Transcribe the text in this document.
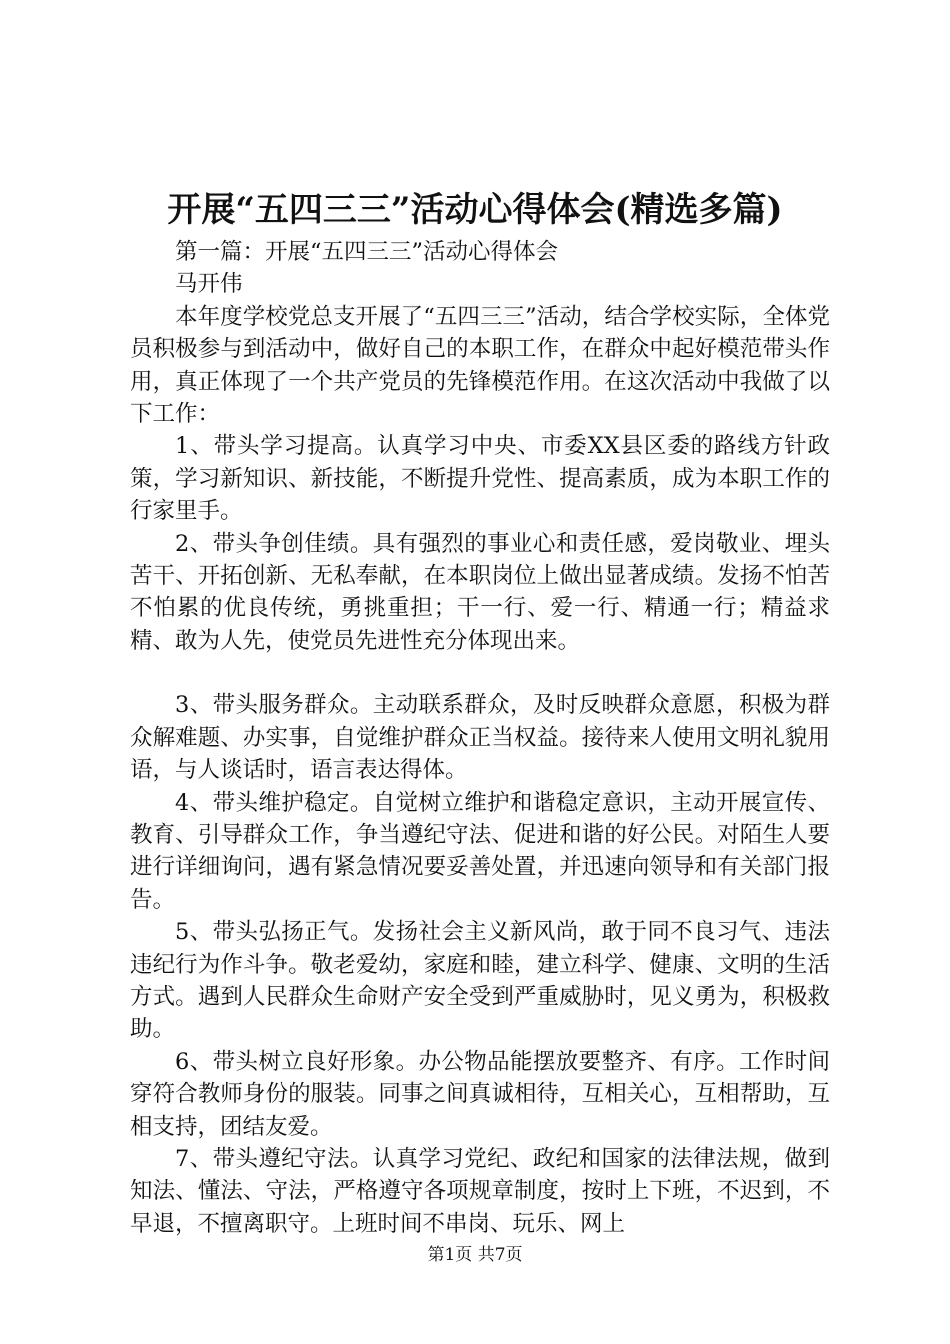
开展“五四三三”活动心得体会(精选多篇)

第一篇：开展“五四三三”活动心得体会

马开伟

本年度学校党总支开展了“五四三三”活动，结合学校实际，全体党员积极参与到活动中，做好自己的本职工作，在群众中起好模范带头作用，真正体现了一个共产党员的先锋模范作用。在这次活动中我做了以下工作：

1、带头学习提高。认真学习中央、市委XX县区委的路线方针政策，学习新知识、新技能，不断提升党性、提高素质，成为本职工作的行家里手。

2、带头争创佳绩。具有强烈的事业心和责任感，爱岗敬业、埋头苦干、开拓创新、无私奉献，在本职岗位上做出显著成绩。发扬不怕苦不怕累的优良传统，勇挑重担；干一行、爱一行、精通一行；精益求精、敢为人先，使党员先进性充分体现出来。

3、带头服务群众。主动联系群众，及时反映群众意愿，积极为群众解难题、办实事，自觉维护群众正当权益。接待来人使用文明礼貌用语，与人谈话时，语言表达得体。

4、带头维护稳定。自觉树立维护和谐稳定意识，主动开展宣传、教育、引导群众工作，争当遵纪守法、促进和谐的好公民。对陌生人要进行详细询问，遇有紧急情况要妥善处置，并迅速向领导和有关部门报告。

5、带头弘扬正气。发扬社会主义新风尚，敢于同不良习气、违法违纪行为作斗争。敬老爱幼，家庭和睦，建立科学、健康、文明的生活方式。遇到人民群众生命财产安全受到严重威胁时，见义勇为，积极救助。

6、带头树立良好形象。办公物品能摆放要整齐、有序。工作时间穿符合教师身份的服装。同事之间真诚相待，互相关心，互相帮助，互相支持，团结友爱。

7、带头遵纪守法。认真学习党纪、政纪和国家的法律法规，做到知法、懂法、守法，严格遵守各项规章制度，按时上下班，不迟到，不早退，不擅离职守。上班时间不串岗、玩乐、网上

第1页 共7页
